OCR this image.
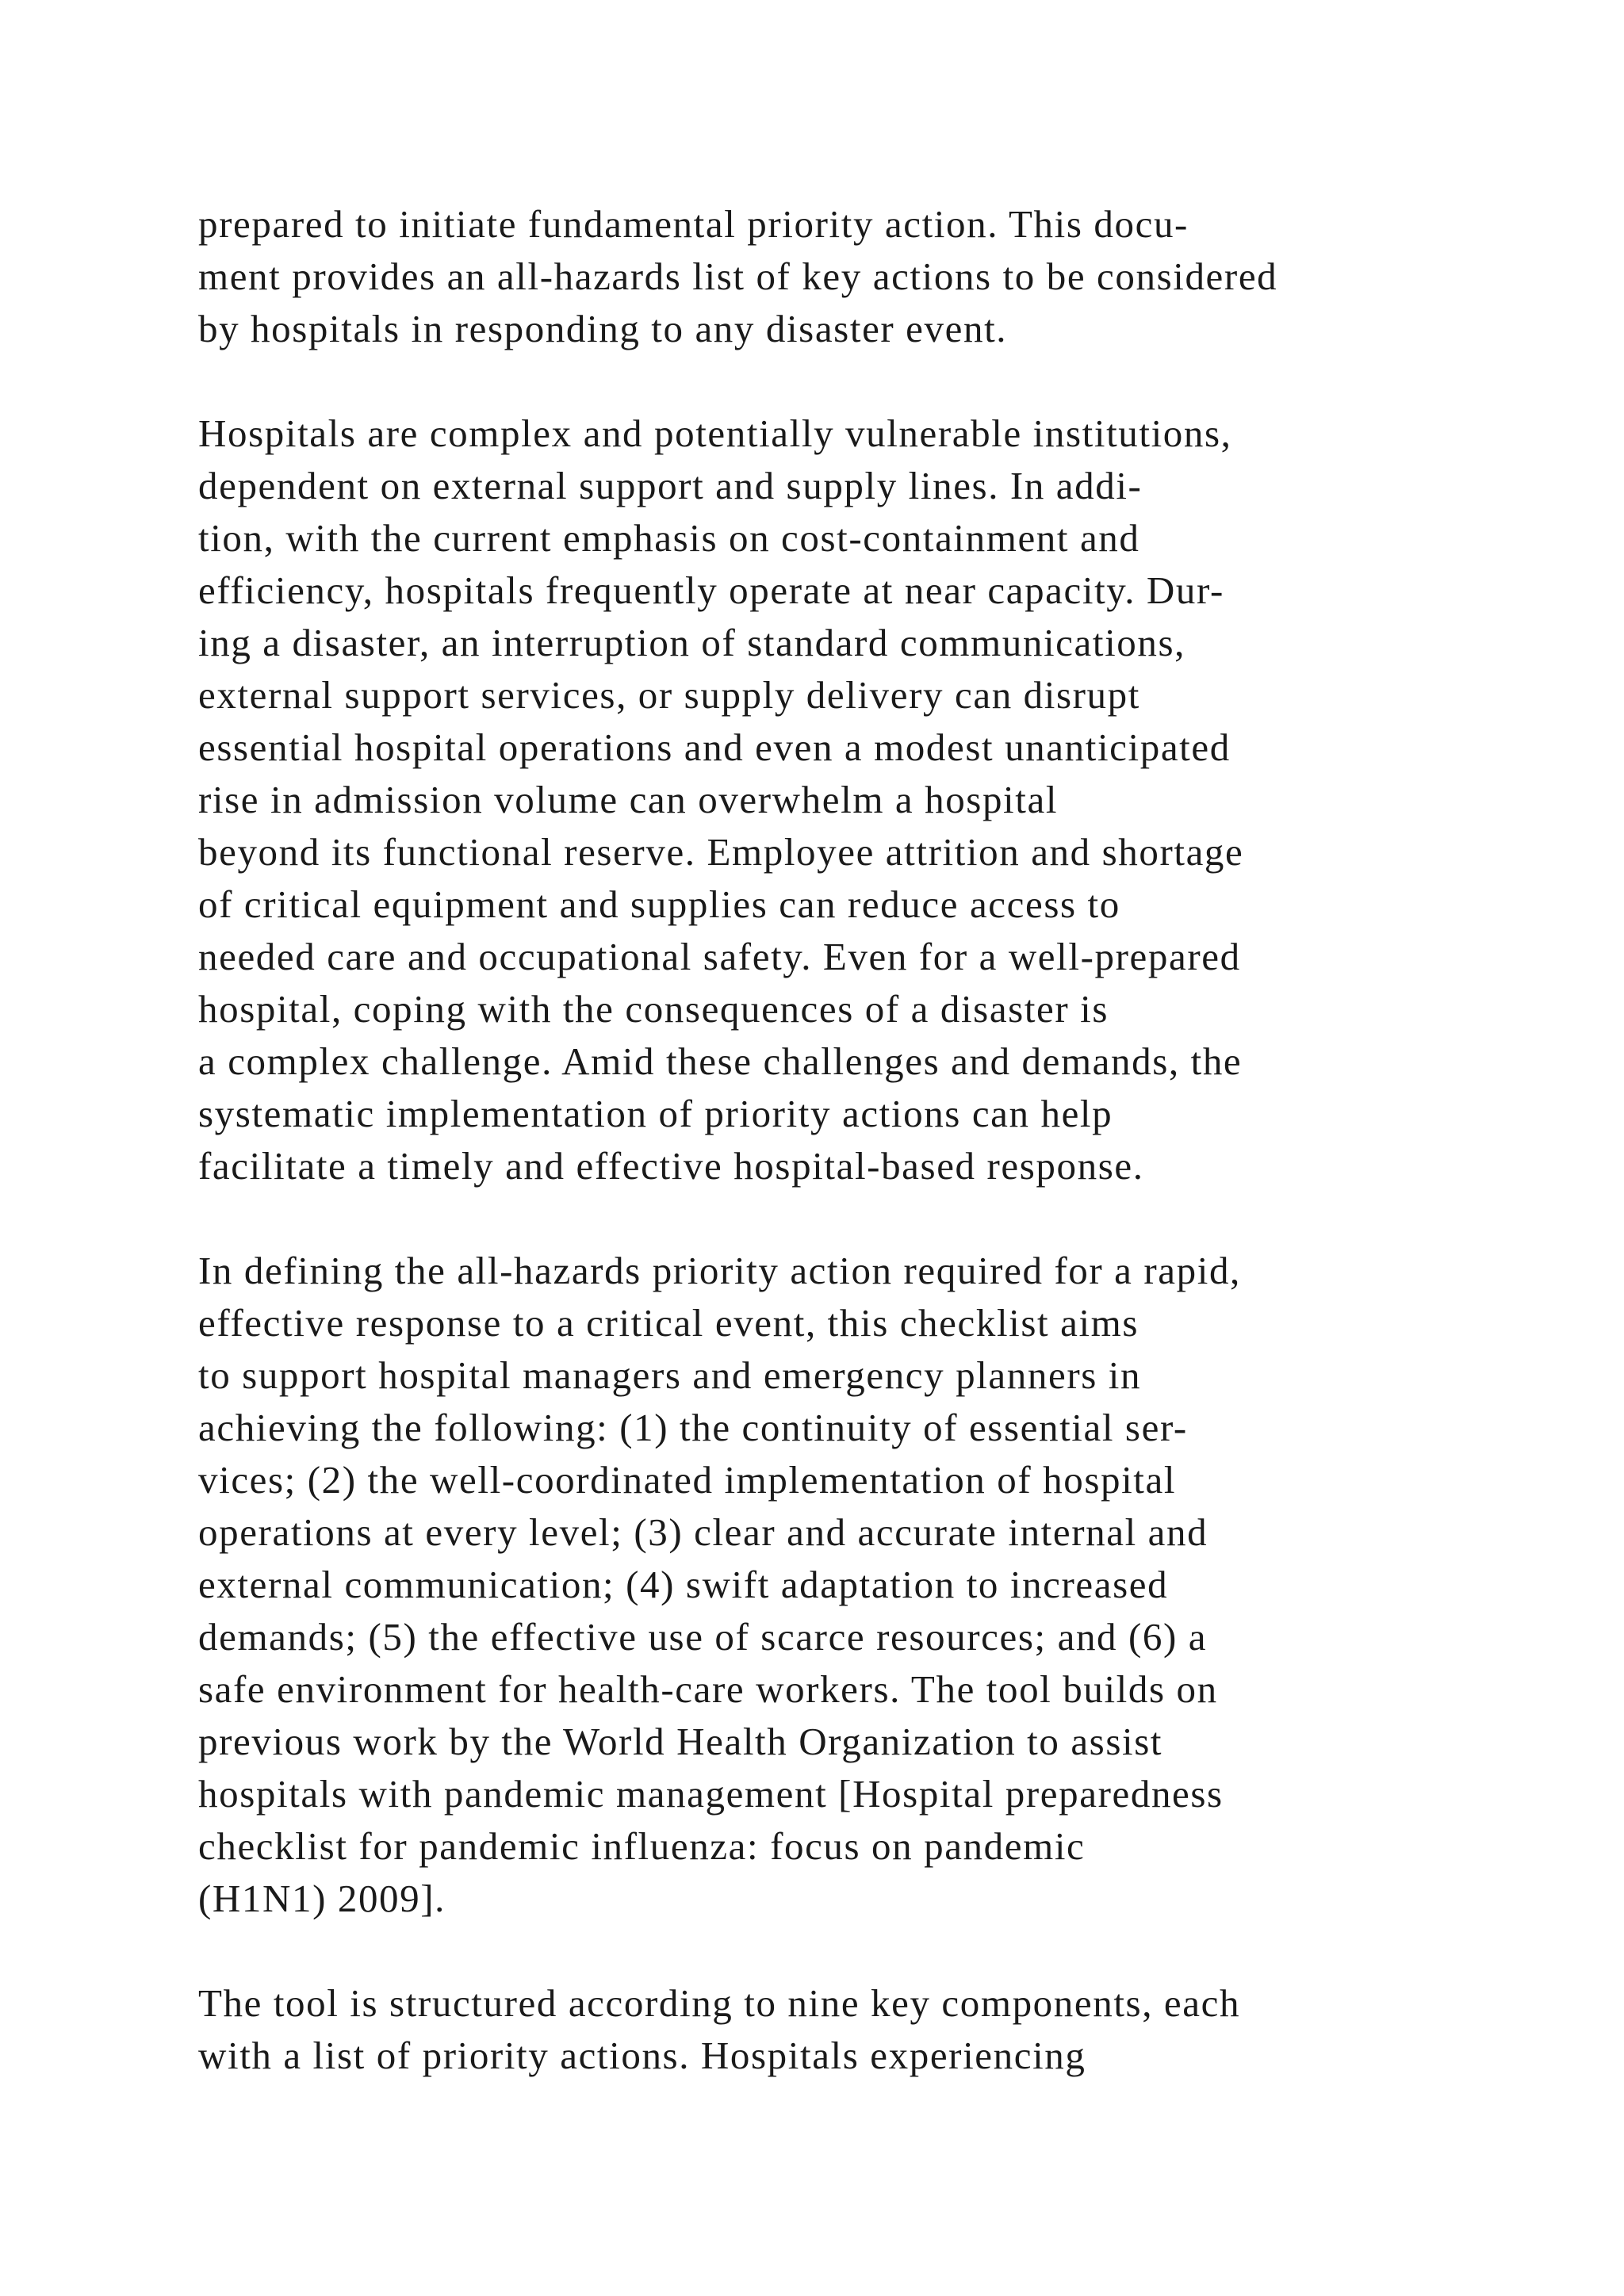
prepared to initiate fundamental priority action. This docu-
ment provides an all-hazards list of key actions to be considered
by hospitals in responding to any disaster event.
Hospitals are complex and potentially vulnerable institutions,
dependent on external support and supply lines. In addi-
tion, with the current emphasis on cost-containment and
efficiency, hospitals frequently operate at near capacity. Dur-
ing a disaster, an interruption of standard communications,
external support services, or supply delivery can disrupt
essential hospital operations and even a modest unanticipated
rise in admission volume can overwhelm a hospital
beyond its functional reserve. Employee attrition and shortage
of critical equipment and supplies can reduce access to
needed care and occupational safety. Even for a well-prepared
hospital, coping with the consequences of a disaster is
a complex challenge. Amid these challenges and demands, the
systematic implementation of priority actions can help
facilitate a timely and effective hospital-based response.
In defining the all-hazards priority action required for a rapid,
effective response to a critical event, this checklist aims
to support hospital managers and emergency planners in
achieving the following: (1) the continuity of essential ser-
vices; (2) the well-coordinated implementation of hospital
operations at every level; (3) clear and accurate internal and
external communication; (4) swift adaptation to increased
demands; (5) the effective use of scarce resources; and (6) a
safe environment for health-care workers. The tool builds on
previous work by the World Health Organization to assist
hospitals with pandemic management [Hospital preparedness
checklist for pandemic influenza: focus on pandemic
(H1N1) 2009].
The tool is structured according to nine key components, each
with a list of priority actions. Hospitals experiencing
